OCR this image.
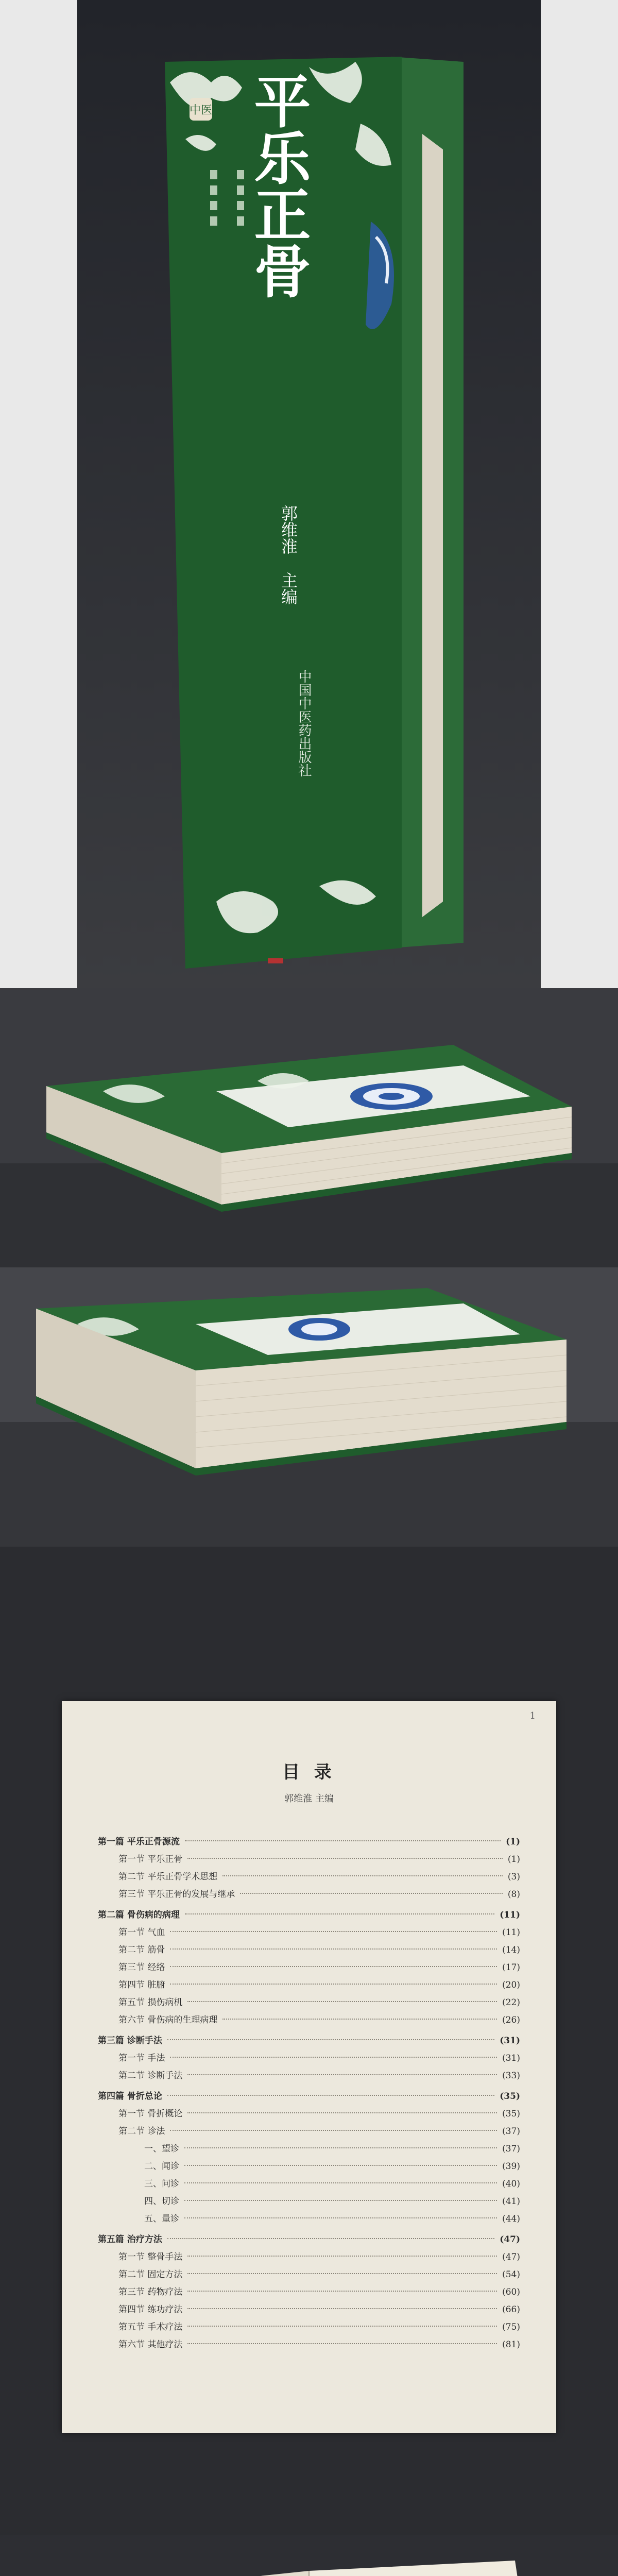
中医 平乐正骨
郭维淮
主编
中国中医药出版社
1
目 录
郭维淮 主编
第一篇 平乐正骨源流	(1)
第一节 平乐正骨	(1)
第二节 平乐正骨学术思想	(3)
第三节 平乐正骨的发展与继承	(8)
第二篇 骨伤病的病理	(11)
第一节 气血	(11)
第二节 筋骨	(14)
第三节 经络	(17)
第四节 脏腑	(20)
第五节 损伤病机	(22)
第六节 骨伤病的生理病理	(26)
第三篇 诊断手法	(31)
第一节 手法	(31)
第二节 诊断手法	(33)
第四篇 骨折总论	(35)
第一节 骨折概论	(35)
第二节 诊法	(37)
一、望诊	(37)
二、闻诊	(39)
三、问诊	(40)
四、切诊	(41)
五、量诊	(44)
第五篇 治疗方法	(47)
第一节 整骨手法	(47)
第二节 固定方法	(54)
第三节 药物疗法	(60)
第四节 练功疗法	(66)
第五节 手术疗法	(75)
第六节 其他疗法	(81)
